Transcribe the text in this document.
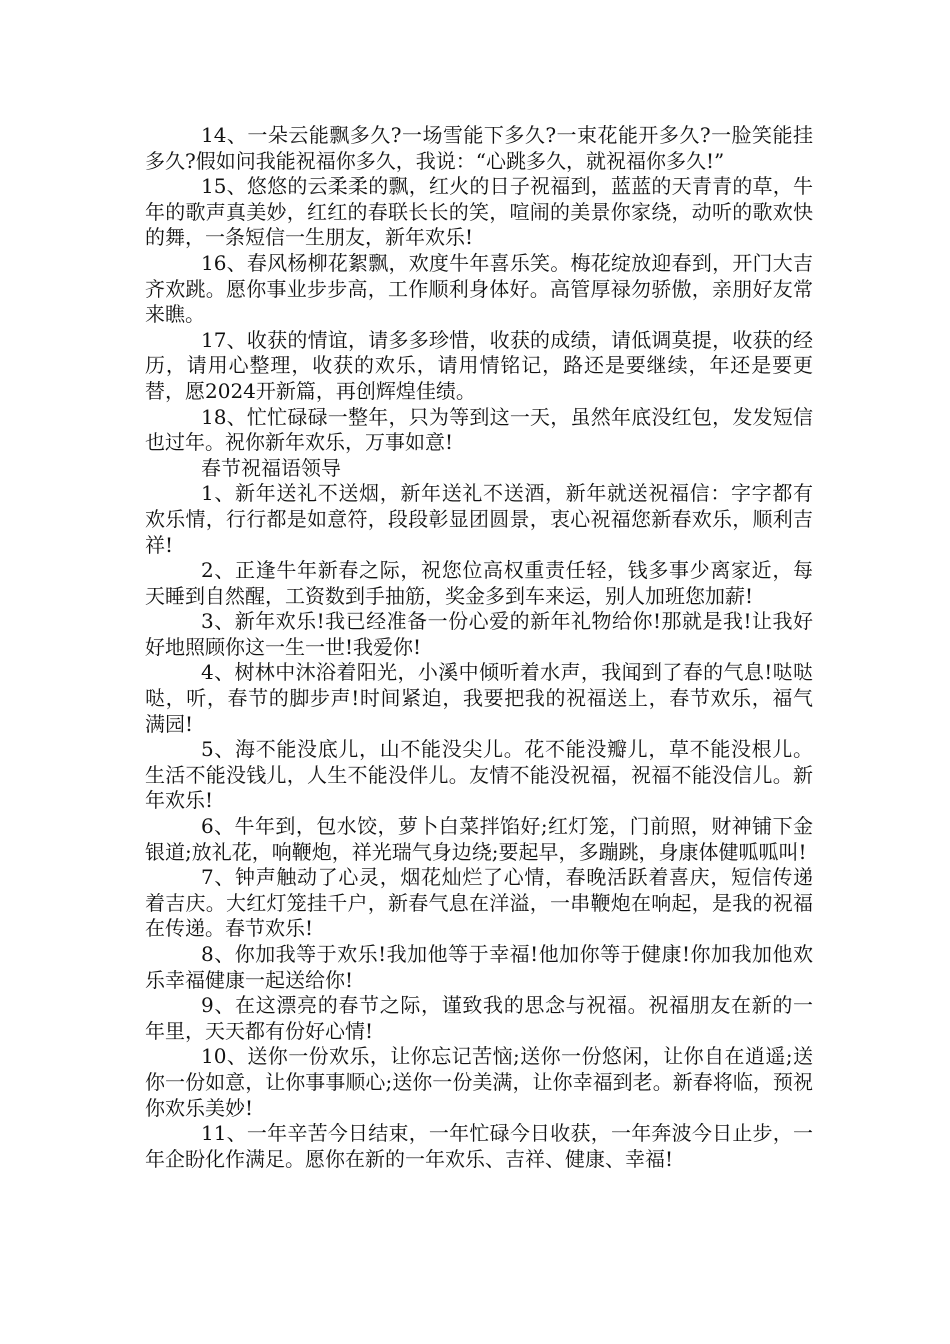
14、一朵云能飘多久?一场雪能下多久?一束花能开多久?一脸笑能挂多久?假如问我能祝福你多久，我说：“心跳多久，就祝福你多久!”

15、悠悠的云柔柔的飘，红火的日子祝福到，蓝蓝的天青青的草，牛年的歌声真美妙，红红的春联长长的笑，喧闹的美景你家绕，动听的歌欢快的舞，一条短信一生朋友，新年欢乐!

16、春风杨柳花絮飘，欢度牛年喜乐笑。梅花绽放迎春到，开门大吉齐欢跳。愿你事业步步高，工作顺利身体好。高管厚禄勿骄傲，亲朋好友常来瞧。

17、收获的情谊，请多多珍惜，收获的成绩，请低调莫提，收获的经历，请用心整理，收获的欢乐，请用情铭记，路还是要继续，年还是要更替，愿2024开新篇，再创辉煌佳绩。

18、忙忙碌碌一整年，只为等到这一天，虽然年底没红包，发发短信也过年。祝你新年欢乐，万事如意!

春节祝福语领导

1、新年送礼不送烟，新年送礼不送酒，新年就送祝福信：字字都有欢乐情，行行都是如意符，段段彰显团圆景，衷心祝福您新春欢乐，顺利吉祥!

2、正逢牛年新春之际，祝您位高权重责任轻，钱多事少离家近，每天睡到自然醒，工资数到手抽筋，奖金多到车来运，别人加班您加薪!

3、新年欢乐!我已经准备一份心爱的新年礼物给你!那就是我!让我好好地照顾你这一生一世!我爱你!

4、树林中沐浴着阳光，小溪中倾听着水声，我闻到了春的气息!哒哒哒，听，春节的脚步声!时间紧迫，我要把我的祝福送上，春节欢乐，福气满园!

5、海不能没底儿，山不能没尖儿。花不能没瓣儿，草不能没根儿。生活不能没钱儿，人生不能没伴儿。友情不能没祝福，祝福不能没信儿。新年欢乐!

6、牛年到，包水饺，萝卜白菜拌馅好;红灯笼，门前照，财神铺下金银道;放礼花，响鞭炮，祥光瑞气身边绕;要起早，多蹦跳，身康体健呱呱叫!

7、钟声触动了心灵，烟花灿烂了心情，春晚活跃着喜庆，短信传递着吉庆。大红灯笼挂千户，新春气息在洋溢，一串鞭炮在响起，是我的祝福在传递。春节欢乐!

8、你加我等于欢乐!我加他等于幸福!他加你等于健康!你加我加他欢乐幸福健康一起送给你!

9、在这漂亮的春节之际，谨致我的思念与祝福。祝福朋友在新的一年里，天天都有份好心情!

10、送你一份欢乐，让你忘记苦恼;送你一份悠闲，让你自在逍遥;送你一份如意，让你事事顺心;送你一份美满，让你幸福到老。新春将临，预祝你欢乐美妙!

11、一年辛苦今日结束，一年忙碌今日收获，一年奔波今日止步，一年企盼化作满足。愿你在新的一年欢乐、吉祥、健康、幸福!
